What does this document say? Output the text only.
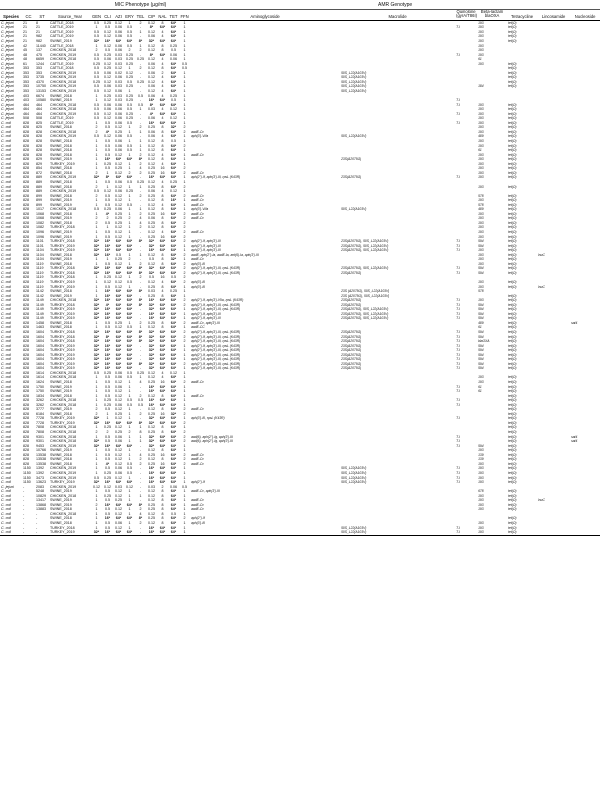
				MIC Phenotype (µg/ml)									AMR Genotype						
Species	CC	ST	Source_Year	GEN	CLI	AZI	ERY	TEL	CIP	NAL	TET	FFN	Aminoglycoside	Macrolide	Quinolone (gyrA/T86I)	Beta-lactam blaOXA	Tetracycline	Lincosamide	Nucleoside
C. jejuni	21	8	CATTLE_2018	0.5	0.25	0.12	1	2	0.12	8	64*	1				193	tet(O)		
C. jejuni	21	21	CATTLE_2019	1	0.5	0.06	0.5	-	8*	64*	64*	1			T-I	193	tet(O)		
C. jejuni	21	21	CATTLE_2019	0.5	0.12	0.06	0.5	1	0.12	4	64*	1				193	tet(O)		
C. jejuni	21	982	CATTLE_2019	0.5	0.12	0.06	0.5	-	0.06	4	64*	1				193	tet(O)		
C. jejuni	21	982	SWINE_2019	32*	16*	64*	64*	8*	32*	64*	64*	1				193	tet(O)		
C. jejuni	42	11440	CATTLE_2018	1	0.12	0.06	0.5	1	0.12	8	0.25	1				193			
C. jejuni	45	137	CHICKEN_2018	2	0.5	0.06	2	2	0.12	8	0.5	1				193			
C. jejuni	48	475	CHICKEN_2019	0.5	0.25	0.03	0.25	-	8*	64*	0.06	1			T-I	193			
C. jejuni	48	6659	CHICKEN_2018	0.5	0.06	0.03	0.25	0.25	0.12	4	0.06	1				61			
C. jejuni	61	1244	CATTLE_2019	0.25	0.12	0.03	0.25	-	0.06	4	64*	0.5				193	tet(O)		
C. jejuni	353	353	CATTLE_2018	0.5	0.25	0.12	1	2	0.12	8	64*	0.5					tet(O)		
C. jejuni	353	353	CHICKEN_2019	0.5	0.06	0.02	0.12	-	0.06	2	64*	1		50S_L22(A103V)			tet(O)		
C. jejuni	353	3735	CHICKEN_2019	0.5	0.12	0.06	0.25	-	0.12	4	64*	1		50S_L22(A103V)			tet(O)		
C. jejuni	353	4370	CHICKEN_2018	0.25	0.12	0.03	0.5	0.25	0.12	4	64*	1		50S_L22(A103V)			tet(O)		
C. jejuni	353	10750	CHICKEN_2019	0.5	0.06	0.03	0.25	-	0.06	4	64*	1		50S_L22(A103V)		184	tet(O)		
C. jejuni	353	13153	CHICKEN_2019	0.5	0.12	0.06	1	-	0.12	4	64*	1		50S_L22(A103V)					
C. jejuni	403	6674	SWINE_2018	1	0.25	0.03	0.25	0.5	0.06	4	0.25	1							
C. jejuni	403	10580	SWINE_2019	1	0.12	0.03	0.25	-	16*	64*	0.5	1			T-I				
C. jejuni	464	464	CHICKEN_2018	0.5	0.06	0.06	0.5	0.5	8*	64*	64*	1			T-I	193	tet(O)		
C. jejuni	464	464	CHICKEN_2018	0.5	0.06	0.06	0.5	1	0.03	4	0.12	1				193	tet(O)		
C. jejuni	464	464	CHICKEN_2019	0.5	0.12	0.06	0.25	-	4*	64*	64*	1			T-I	193	tet(O)		
C. jejuni	508	508	CATTLE_2019	0.5	0.12	0.06	0.25	-	0.06	4	0.12	1				193	tet(O)		
C. coli	828	825	CATTLE_2019	1	0.5	0.06	0.5	-	16*	64*	64*	1			T-I	193	tet(O)		
C. coli	828	825	SWINE_2018	2	0.5	0.12	1	2	0.25	8	32*	2				193	tet(O)		
C. coli	828	828	CHICKEN_2018	2	4*	0.25	1	1	0.06	8	64*	2	aadE-Cc			193	tet(O)		
C. coli	828	828	CHICKEN_2019	0.5	0.12	0.06	0.5	-	0.06	4	64*	1	aph(3')-VIIa	50S_L22(A103V)		489	tet(O)		
C. coli	828	828	SWINE_2018	1	0.5	0.06	1	1	0.12	8	0.5	1				193	tet(O)		
C. coli	828	828	SWINE_2018	1	0.5	0.06	0.5	1	0.12	8	64*	2				193	tet(O)		
C. coli	828	828	SWINE_2018	1	0.5	0.06	0.5	1	0.12	8	64*	1				61	tet(O)		
C. coli	828	828	SWINE_2018	1	0.5	0.12	1	2	0.12	4	64*	1	aadE-Cc			193	tet(O)		
C. coli	828	829	SWINE_2019	1	16*	64*	64*	8*	0.12	8	64*	1		23S(A2075G)		193	tet(O)		
C. coli	828	829	TURKEY_2019	1	0.25	0.12	1	2	0.12	4	64*	1				193	tet(O)		
C. coli	828	854	SWINE_2018	1	0.5	0.25	1	4	0.25	16	64*	2				193	tet(O)		
C. coli	828	872	SWINE_2018	2	1	0.12	2	2	0.25	16	64*	2	aadE-Cc			193	tet(O)		
C. coli	828	889	CHICKEN_2019	32*	8*	64*	64*	-	16*	64*	64*	1	aph(2'')-If, aph(3')-III, rpsL (K43R)	23S(A2075G)	T-I	193	tet(O)		
C. coli	828	889	SWINE_2018	1	0.5	0.06	0.5	0.25	0.12	4	0.25	1							
C. coli	828	889	SWINE_2018	2	1	0.12	1	1	0.25	8	64*	2				193	tet(O)		
C. coli	828	889	CHICKEN_2019	0.5	0.12	0.06	0.25	-	0.06	4	0.12	1							
C. coli	828	899	SWINE_2018	2	0.5	0.12	1	2	0.25	8	64*	2	aadE-Cc			578	tet(O)		
C. coli	828	899	SWINE_2019	1	0.5	0.12	1	-	0.12	8	16*	1	aadE-Cc			193	tet(O)		
C. coli	828	899	SWINE_2019	1	0.5	0.12	0.5	-	0.12	4	64*	1	aadE-Cc			578	tet(O)		
C. coli	828	1017	CHICKEN_2018	0.5	0.25	0.06	1	1	0.12	8	64*	1	aph(3')-VIIa	50S_L22(A103V)		489	tet(O)		
C. coli	828	1068	SWINE_2018	1	4*	0.25	1	2	0.25	16	64*	2	aadE-Cc			193	tet(O)		
C. coli	828	1068	SWINE_2019	2	2	0.25	2	4	0.06	8	64*	2	aadE-Cc			193	tet(O)		
C. coli	828	1082	SWINE_2018	2	0.5	0.25	1	4	0.25	8	64*	2				193	tet(O)		
C. coli	828	1082	TURKEY_2018	1	1	0.12	1	2	0.12	8	64*	2				193	tet(O)		
C. coli	828	1096	SWINE_2019	1	0.5	0.12	1	-	0.12	4	64*	2	aadE-Cc			193	tet(O)		
C. coli	828	1096	SWINE_2019	1	0.5	0.12	1	-	0.25	16	64*	2				193	tet(O)		
C. coli	828	1101	TURKEY_2018	32*	16*	64*	64*	8*	32*	64*	64*	2	aph(2'')-If, aph(3')-III	23S(A2075G), 50S_L22(A103V)	T-I	594	tet(O)		
C. coli	828	1101	TURKEY_2019	32*	16*	64*	64*	-	32*	64*	64*	1	aph(2'')-If, aph(3')-III	23S(A2075G), 50S_L22(A103V)	T-I	594	tet(O)		
C. coli	828	1104	TURKEY_2019	32*	16*	64*	64*	-	16*	64*	64*	1	aph(2'')-If, aph(3')-III	23S(A2075G), 50S_L22(A103V)	T-I	193	tet(O)		
C. coli	828	1104	SWINE_2018	32*	16*	0.5	1	1	0.12	8	64*	2	aadE, aph(2'')-Ia, aadE-Ia, ant(6)-Ia, aph(3')-III			193	tet(O)	lnuC	
C. coli	828	1104	SWINE_2019	1	1	0.25	2	-	0.5	8	32*	1	aadE-Cc			193	tet(O)		
C. coli	828	1119	SWINE_2018	1	0.5	0.12	1	2	0.12	8	64*	2	aph(3')-III			193	tet(O)		
C. coli	828	1119	TURKEY_2018	32*	16*	64*	64*	8*	32*	64*	64*	2	aph(2'')-If, aph(3')-III, rpsL (K43R)	23S(A2075G), 50S_L22(A103V)	T-I	594	tet(O)		
C. coli	828	1119	TURKEY_2018	32*	16*	64*	64*	8*	32*	64*	64*	2	aph(2'')-If, aph(3')-III, rpsL (K43R)	23S(A2075G)	T-I	594	tet(O)		
C. coli	828	1119	TURKEY_2018	1	0.25	0.12	1	2	0.5	16	0.5	2							
C. coli	828	1119	TURKEY_2019	1	0.12	0.12	0.5	-	0.12	4	64*	2	aph(3')-III			193	tet(O)		
C. coli	828	1119	TURKEY_2019	1	0.5	0.12	1	-	0.25	8	64*	1	aph(3')-III			193	tet(O)	lnuC	
C. coli	828	1142	SWINE_2018	1	16*	64*	64*	8*	0.03	4	0.25	1		23S (A2075G), 50S_L22(A103V)		578			
C. coli	828	1142	SWINE_2019	1	16*	64*	64*	-	0.25	8	64*	1		23S (A2075G), 50S_L22(A103V)			tet(O)		
C. coli	828	1149	CHICKEN_2018	32*	16*	64*	64*	8*	16*	64*	64*	2	aph(2'')-If, aph(3')-VIIa, rpsL (K43R)	23S(A2075G)	T-I	193	tet(O)		
C. coli	828	1149	TURKEY_2018	32*	4*	64*	64*	8*	32*	64*	64*	2	aph(2'')-If, aph(3')-III, rpsL (K43R)	23S(A2075G)	T-I	594	tet(O)		
C. coli	828	1149	TURKEY_2019	32*	16*	64*	64*	-	32*	64*	64*	1	aph(2'')-If, aph(3')-III, rpsL (K43R)	23S(A2075G), 50S_L22(A103V)	T-I	594	tet(O)		
C. coli	828	1149	TURKEY_2019	32*	16*	64*	64*	-	16*	64*	64*	1	aph(2'')-If, aph(3')-III	23S(A2075G), 50S_L22(A103V)	T-I	594	tet(O)		
C. coli	828	1149	TURKEY_2019	32*	16*	64*	64*	-	16*	64*	64*	1	aph(2'')-If, aph(3')-III	23S(A2075G), 50S_L22(A103V)	T-I	594	tet(O)		
C. coli	828	1458	SWINE_2018	1	0.5	0.25	1	2	0.25	8	64*	2	aadE-Cc, aph(3')-III			489	tet(O)		sat4
C. coli	828	1463	SWINE_2018	1	0.5	0.12	0.5	1	0.12	8	64*	1	aadE-CC			61	tet(O)		
C. coli	828	1604	TURKEY_2018	32*	16*	64*	64*	8*	32*	64*	64*	2	aph(2'')-If, aph(3')-III, rpsL (K43R)	23S(A2075G)	T-I	594	tet(O)		
C. coli	828	1604	TURKEY_2018	32*	8*	64*	64*	8*	32*	64*	64*	2	aph(2'')-If, aph(3')-III, rpsL (K43R)	23S(A2075G)	T-I	594	tet(O)		
C. coli	828	1604	TURKEY_2018	32*	16*	64*	64*	8*	32*	64*	64*	2	aph(2'')-If, aph(3')-III, rpsL (K43R)	23S(A2075G)	T-I	blaOXA	tet(O)		
C. coli	828	1604	TURKEY_2019	32*	16*	64*	64*	-	32*	64*	64*	1	aph(2'')-If, aph(3')-III, rpsL (K43R)	23S(A2075G)	T-I	594	tet(O)		
C. coli	828	1604	TURKEY_2019	32*	16*	64*	64*	-	32*	64*	64*	1	aph(2'')-If, aph(3')-III, rpsL (K43R)	23S(A2075G)	T-I	594	tet(O)		
C. coli	828	1604	TURKEY_2019	32*	16*	64*	64*	-	32*	64*	64*	1	aph(2'')-If, aph(3')-III, rpsL (K43R)	23S(A2075G)	T-I	594	tet(O)		
C. coli	828	1604	TURKEY_2019	32*	16*	64*	64*	-	32*	64*	64*	1	aph(2'')-If, aph(3')-III, rpsL (K43R)	23S(A2075G)	T-I	594	tet(O)		
C. coli	828	1604	TURKEY_2019	32*	16*	64*	64*	8*	32*	64*	64*	2	aph(2'')-If, aph(3')-III, rpsL (K43R)	23S(A2075G)	T-I	594	tet(O)		
C. coli	828	1604	TURKEY_2019	32*	16*	64*	64*	-	32*	64*	64*	1	aph(2'')-If, aph(3')-III, rpsL (K43R)	23S(A2075G)	T-I	594	tet(O)		
C. coli	828	1614	CHICKEN_2018	0.5	0.25	0.06	0.5	0.25	0.12	4	0.12	1							
C. coli	828	1614	CHICKEN_2018	1	0.5	0.06	0.5	1	0.12	4	64*	1				193	tet(O)		
C. coli	828	1624	SWINE_2018	1	0.5	0.12	1	4	0.25	16	64*	2	aadE-Cc			193	tet(O)		
C. coli	828	1750	SWINE_2019	1	0.5	0.06	1	-	16*	64*	64*	1			T-I	61	tet(O)		
C. coli	828	1750	SWINE_2019	1	0.5	0.12	1	-	16*	64*	64*	1			T-I	61	tet(O)		
C. coli	828	1834	SWINE_2018	1	0.5	0.12	1	2	0.12	8	64*	1	aadE-Cc				tet(O)		
C. coli	828	3262	CHICKEN_2018	1	0.25	0.12	0.5	0.5	16*	64*	64*	1			T-I		tet(O)		
C. coli	828	3262	CHICKEN_2018	1	0.25	0.06	0.5	0.5	16*	64*	64*	1			T-I		tet(O)		
C. coli	828	3777	SWINE_2019	2	0.5	0.12	1	-	0.12	8	64*	2	aadE-Cc				tet(O)		
C. coli	828	6184	SWINE_2018	2	1	0.25	1	2	0.25	16	32*	2					tet(O)		
C. coli	828	7728	TURKEY_2019	32*	1	0.12	1	-	32*	64*	64*	1	aph(3')-III, rpsL (K43R)		T-I		tet(O)		
C. coli	828	7728	TURKEY_2019	32*	16*	64*	64*	8*	32*	64*	64*	2					tet(O)		
C. coli	828	7808	CHICKEN_2018	1	0.25	0.12	1	1	0.12	8	64*	1					tet(O)		
C. coli	828	7808	CHICKEN_2018	2	2	0.25	2	8	0.25	8	64*	2					tet(O)		
C. coli	828	9301	CHICKEN_2018	1	0.5	0.06	1	1	32*	64*	64*	2	aad(6), aph(2'')-Ig, aph(3')-III		T-I		tet(O)		sat4
C. coli	828	9301	CHICKEN_2018	32*	0.5	0.06	1	1	32*	64*	64*	2	aad(6), aph(2'')-Ig, aph(3')-III		T-I		tet(O)		sat4
C. coli	828	9453	CHICKEN_2019	32*	16*	64*	64*	-	32*	64*	64*	1			T-I	594	tet(O)		
C. coli	828	10766	SWINE_2019	1	0.5	0.12	1	-	0.12	8	64*	1				193	tet(O)		
C. coli	828	13538	SWINE_2018	1	0.5	0.12	1	4	0.25	16	64*	2	aadE-Cc			139	tet(O)		
C. coli	828	13538	SWINE_2018	1	0.5	0.12	1	2	0.12	8	64*	2	aadE-Cc			139	tet(O)		
C. coli	828	13538	SWINE_2018	1	4*	0.12	0.5	2	0.25	16	64*	2	aadE-Cc			193	tet(O)		
C. coli	1150	1392	CHICKEN_2019	1	0.5	0.06	0.5	-	16*	64*	64*	1		50S_L22(A103V)	T-I	193	tet(O)		
C. coli	1150	1392	CHICKEN_2019	1	0.25	0.06	0.5	-	16*	64*	64*	1		50S_L22(A103V)	T-I	193	tet(O)		
C. coli	1150	3473	CHICKEN_2019	0.5	0.25	0.12	1	-	16*	64*	64*	1		50S_L22(A103V)	T-I	193	tet(O)		
C. coli	1150	13623	TURKEY_2019	32*	16*	64*	64*	-	16*	64*	64*	1	aph(2'')-If	50S_L22(A103V)	T-I	193	tet(O)		
C. jejuni	-	2083	CHICKEN_2019	0.12	0.12	0.03	0.12	-	0.03	2	0.06	0.5							
C. coli	-	5248	SWINE_2019	1	0.5	0.12	1	-	0.12	8	64*	1	aadE-Cc, aph(3')-III			678	tet(O)		
C. coli	-	10829	CHICKEN_2018	1	0.25	0.12	1	1	0.12	8	64*	1				193	tet(O)		
C. coli	-	13417	SWINE_2019	1	0.5	0.25	1	-	0.12	8	64*	1	aadE-Cc			193	tet(O)	lnuC	
C. coli	-	13868	SWINE_2019	2	16*	64*	64*	8*	0.25	8	64*	1	aadE-Cc			193	tet(O)		
C. coli	-	13883	SWINE_2018	1	0.5	0.12	1	2	0.25	8	64*	1	aadE-Cc			193	tet(O)		
C. coli	-	-	CHICKEN_2018	1	0.5	0.12	1	4	0.12	8	0.5	1							
C. coli	-	-	SWINE_2018	1	16*	64*	64*	8*	0.25	8	64*	2	aph(2'')-If				tet(O)		
C. coli	-	-	SWINE_2018	1	0.5	0.06	1	2	0.12	8	64*	1	aph(3')-III			193	tet(O)		
C. coli	-	-	TURKEY_2018	1	0.5	0.12	1	-	16*	64*	64*	1		50S_L22(A103V)	T-I	193	tet(O)		
C. coli	-	-	TURKEY_2019	32*	16*	64*	64*	-	16*	64*	64*	1		50S_L22(A103V)	T-I	193	tet(O)		
